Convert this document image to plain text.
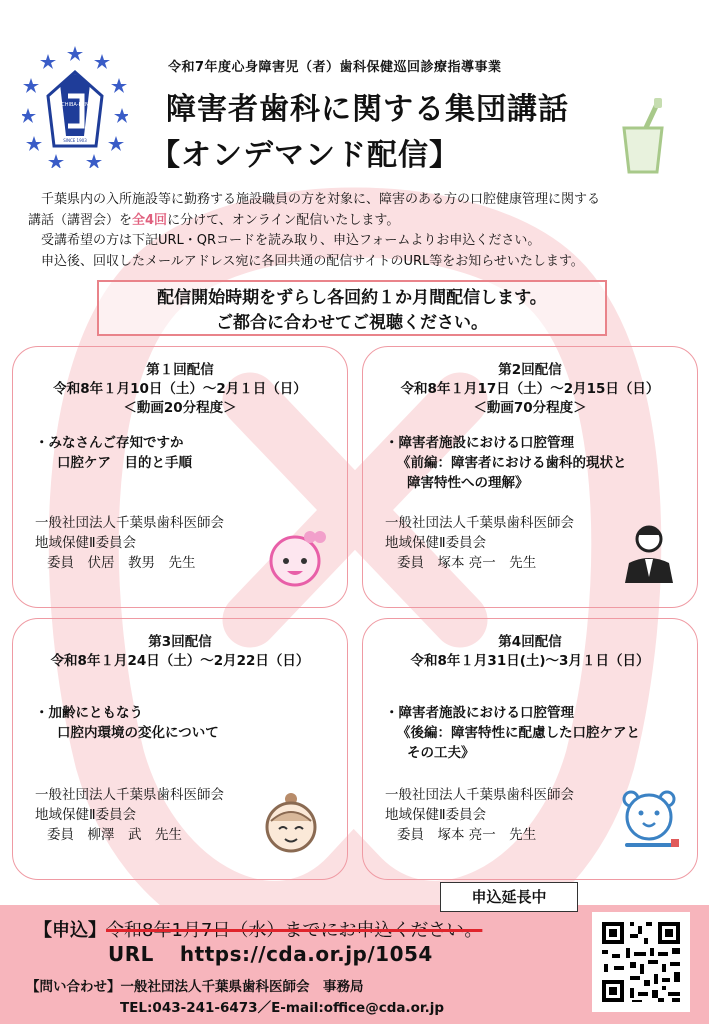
CHIBA-KEN
SINCE 1903
令和7年度心身障害児（者）歯科保健巡回診療指導事業
障害者歯科に関する集団講話
【オンデマンド配信】

千葉県内の入所施設等に勤務する施設職員の方を対象に、障害のある方の口腔健康管理に関する

講話（講習会）を全4回に分けて、オンライン配信いたします。

受講希望の方は下記URL・QRコードを読み取り、申込フォームよりお申込ください。

申込後、回収したメールアドレス宛に各回共通の配信サイトのURL等をお知らせいたします。

配信開始時期をずらし各回約１か月間配信します。
ご都合に合わせてご視聴ください。
第１回配信
令和8年１月10日（土）～2月１日（日）
＜動画20分程度＞
・みなさんご存知ですか
口腔ケア　目的と手順
一般社団法人千葉県歯科医師会
地域保健Ⅱ委員会
委員　伏居　教男　先生
第2回配信
令和8年１月17日（土）～2月15日（日）
＜動画70分程度＞
・障害者施設における口腔管理
《前編：障害者における歯科的現状と
障害特性への理解》
一般社団法人千葉県歯科医師会
地域保健Ⅱ委員会
委員　塚本 亮一　先生
第3回配信
令和8年１月24日（土）～2月22日（日）
・加齢にともなう
口腔内環境の変化について
一般社団法人千葉県歯科医師会
地域保健Ⅱ委員会
委員　柳澤　武　先生
第4回配信
令和8年１月31日(土)～3月１日（日）
・障害者施設における口腔管理
《後編：障害特性に配慮した口腔ケアと
その工夫》
一般社団法人千葉県歯科医師会
地域保健Ⅱ委員会
委員　塚本 亮一　先生
申込延長中
【申込】令和8年1月7日（水）までにお申込ください。
URL https://cda.or.jp/1054
【問い合わせ】一般社団法人千葉県歯科医師会　事務局
TEL:043-241-6473／E-mail:office@cda.or.jp
